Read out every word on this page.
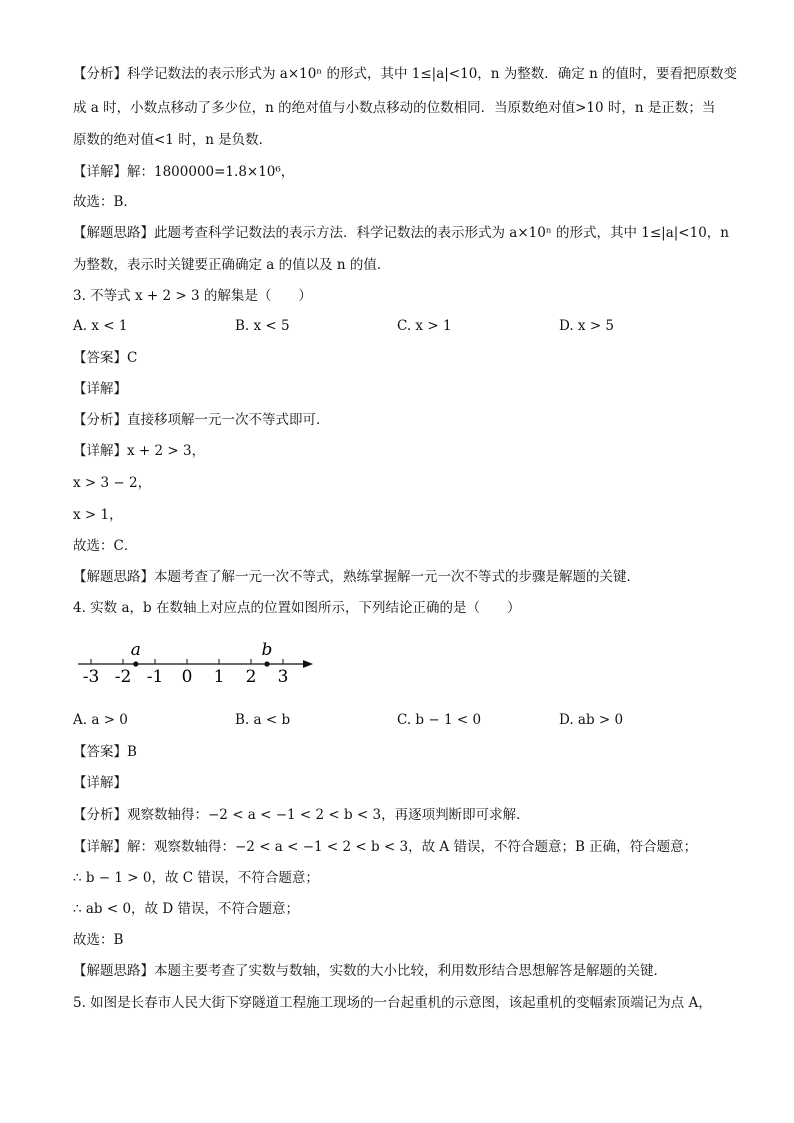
【分析】科学记数法的表示形式为 a×10ⁿ 的形式，其中 1≤|a|<10，n 为整数．确定 n 的值时，要看把原数变
成 a 时，小数点移动了多少位，n 的绝对值与小数点移动的位数相同．当原数绝对值>10 时，n 是正数；当
原数的绝对值<1 时，n 是负数．
【详解】解：1800000=1.8×10⁶，
故选：B．
【解题思路】此题考查科学记数法的表示方法．科学记数法的表示形式为 a×10ⁿ 的形式，其中 1≤|a|<10，n
为整数，表示时关键要正确确定 a 的值以及 n 的值．
3. 不等式 x + 2 > 3 的解集是（　　）
A. x < 1	B. x < 5	C. x > 1	D. x > 5
【答案】C
【详解】
【分析】直接移项解一元一次不等式即可．
【详解】x + 2 > 3，
x > 3 − 2，
x > 1，
故选：C．
【解题思路】本题考查了解一元一次不等式，熟练掌握解一元一次不等式的步骤是解题的关键．
4. 实数 a，b 在数轴上对应点的位置如图所示，下列结论正确的是（　　）
-3 -2 -1 0 1 2 3
a	b
A. a > 0	B. a < b	C. b − 1 < 0	D. ab > 0
【答案】B
【详解】
【分析】观察数轴得：−2 < a < −1 < 2 < b < 3，再逐项判断即可求解．
【详解】解：观察数轴得：−2 < a < −1 < 2 < b < 3，故 A 错误，不符合题意；B 正确，符合题意；
∴ b − 1 > 0，故 C 错误，不符合题意；
∴ ab < 0，故 D 错误，不符合题意；
故选：B
【解题思路】本题主要考查了实数与数轴，实数的大小比较，利用数形结合思想解答是解题的关键．
5. 如图是长春市人民大街下穿隧道工程施工现场的一台起重机的示意图，该起重机的变幅索顶端记为点 A，
